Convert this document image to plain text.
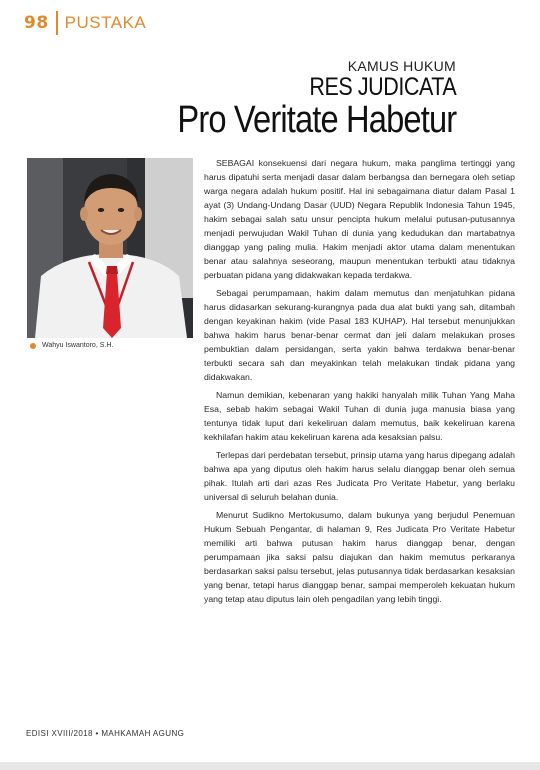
98 PUSTAKA
KAMUS HUKUM
RES JUDICATA
Pro Veritate Habetur
Wahyu Iswantoro, S.H.

SEBAGAI konsekuensi dari negara hukum, maka panglima tertinggi yang harus dipatuhi serta menjadi dasar dalam berbangsa dan bernegara oleh setiap warga negara adalah hukum positif. Hal ini sebagaimana diatur dalam Pasal 1 ayat (3) Undang-Undang Dasar (UUD) Negara Republik Indonesia Tahun 1945, hakim sebagai salah satu unsur pencipta hukum melalui putusan-putusannya menjadi perwujudan Wakil Tuhan di dunia yang kedudukan dan martabatnya dianggap yang paling mulia. Hakim menjadi aktor utama dalam menentukan benar atau salahnya seseorang, maupun menentukan terbukti atau tidaknya perbuatan pidana yang didakwakan kepada terdakwa.

Sebagai perumpamaan, hakim dalam memutus dan menjatuhkan pidana harus didasarkan sekurang-kurangnya pada dua alat bukti yang sah, ditambah dengan keyakinan hakim (vide Pasal 183 KUHAP). Hal tersebut menunjukkan bahwa hakim harus benar-benar cermat dan jeli dalam melakukan proses pembuktian dalam persidangan, serta yakin bahwa terdakwa benar-benar terbukti secara sah dan meyakinkan telah melakukan tindak pidana yang didakwakan.

Namun demikian, kebenaran yang hakiki hanyalah milik Tuhan Yang Maha Esa, sebab hakim sebagai Wakil Tuhan di dunia juga manusia biasa yang tentunya tidak luput dari kekeliruan dalam memutus, baik kekeliruan karena kekhilafan hakim atau kekeliruan karena ada kesaksian palsu.

Terlepas dari perdebatan tersebut, prinsip utama yang harus dipegang adalah bahwa apa yang diputus oleh hakim harus selalu dianggap benar oleh semua pihak. Itulah arti dari azas Res Judicata Pro Veritate Habetur, yang berlaku universal di seluruh belahan dunia.

Menurut Sudikno Mertokusumo, dalam bukunya yang berjudul Penemuan Hukum Sebuah Pengantar, di halaman 9, Res Judicata Pro Veritate Habetur memiliki arti bahwa putusan hakim harus dianggap benar, dengan perumpamaan jika saksi palsu diajukan dan hakim memutus perkaranya berdasarkan saksi palsu tersebut, jelas putusannya tidak berdasarkan kesaksian yang benar, tetapi harus dianggap benar, sampai memperoleh kekuatan hukum yang tetap atau diputus lain oleh pengadilan yang lebih tinggi.

EDISI XVIII/2018 • MAHKAMAH AGUNG
